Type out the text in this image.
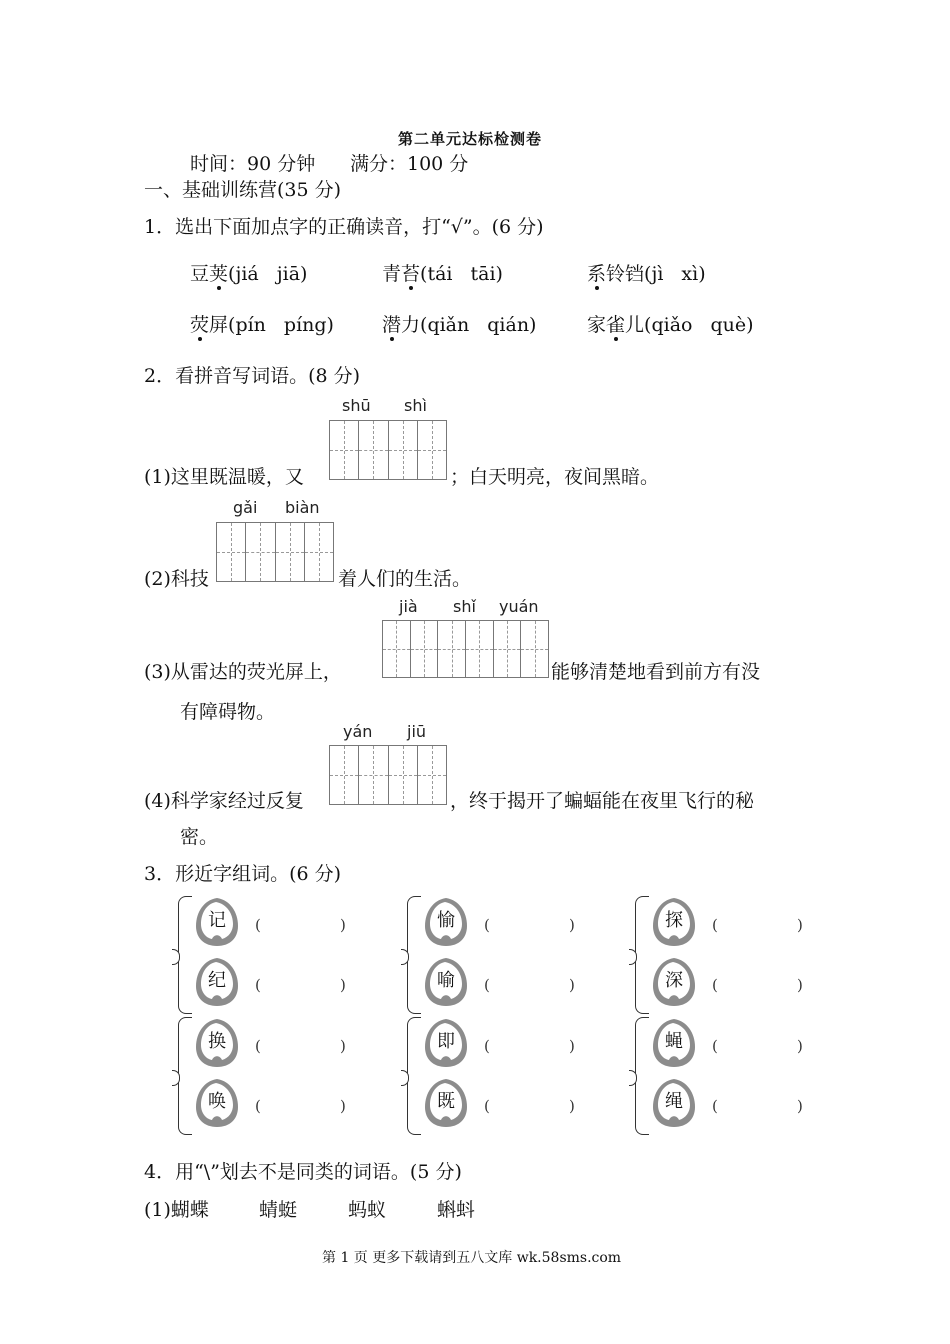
第二单元达标检测卷
时间：90 分钟 满分：100 分
一、基础训练营(35 分)
1．选出下面加点字的正确读音，打“√”。(6 分)
豆荚(jiá jiā)	青苔(tái tāi)	系铃铛(jì xì)
荧屏(pín píng)	潜力(qiǎn qián)	家雀儿(qiǎo què)
2．看拼音写词语。(8 分)
shū shì
(1)这里既温暖，又	；白天明亮，夜间黑暗。
gǎi biàn
(2)科技	着人们的生活。
jià shǐ yuán
(3)从雷达的荧光屏上，	能够清楚地看到前方有没
有障碍物。
yán jiū
(4)科学家经过反复	，终于揭开了蝙蝠能在夜里飞行的秘
密。
3．形近字组词。(6 分)
记	(	)
纪	(	)
愉	(	)
喻	(	)
探	(	)
深	(	)
换	(	)
唤	(	)
即	(	)
既	(	)
蝇	(	)
绳	(	)
4．用“\”划去不是同类的词语。(5 分)
(1)蝴蝶	蜻蜓	蚂蚁	蝌蚪
第 1 页 更多下载请到五八文库 wk.58sms.com
